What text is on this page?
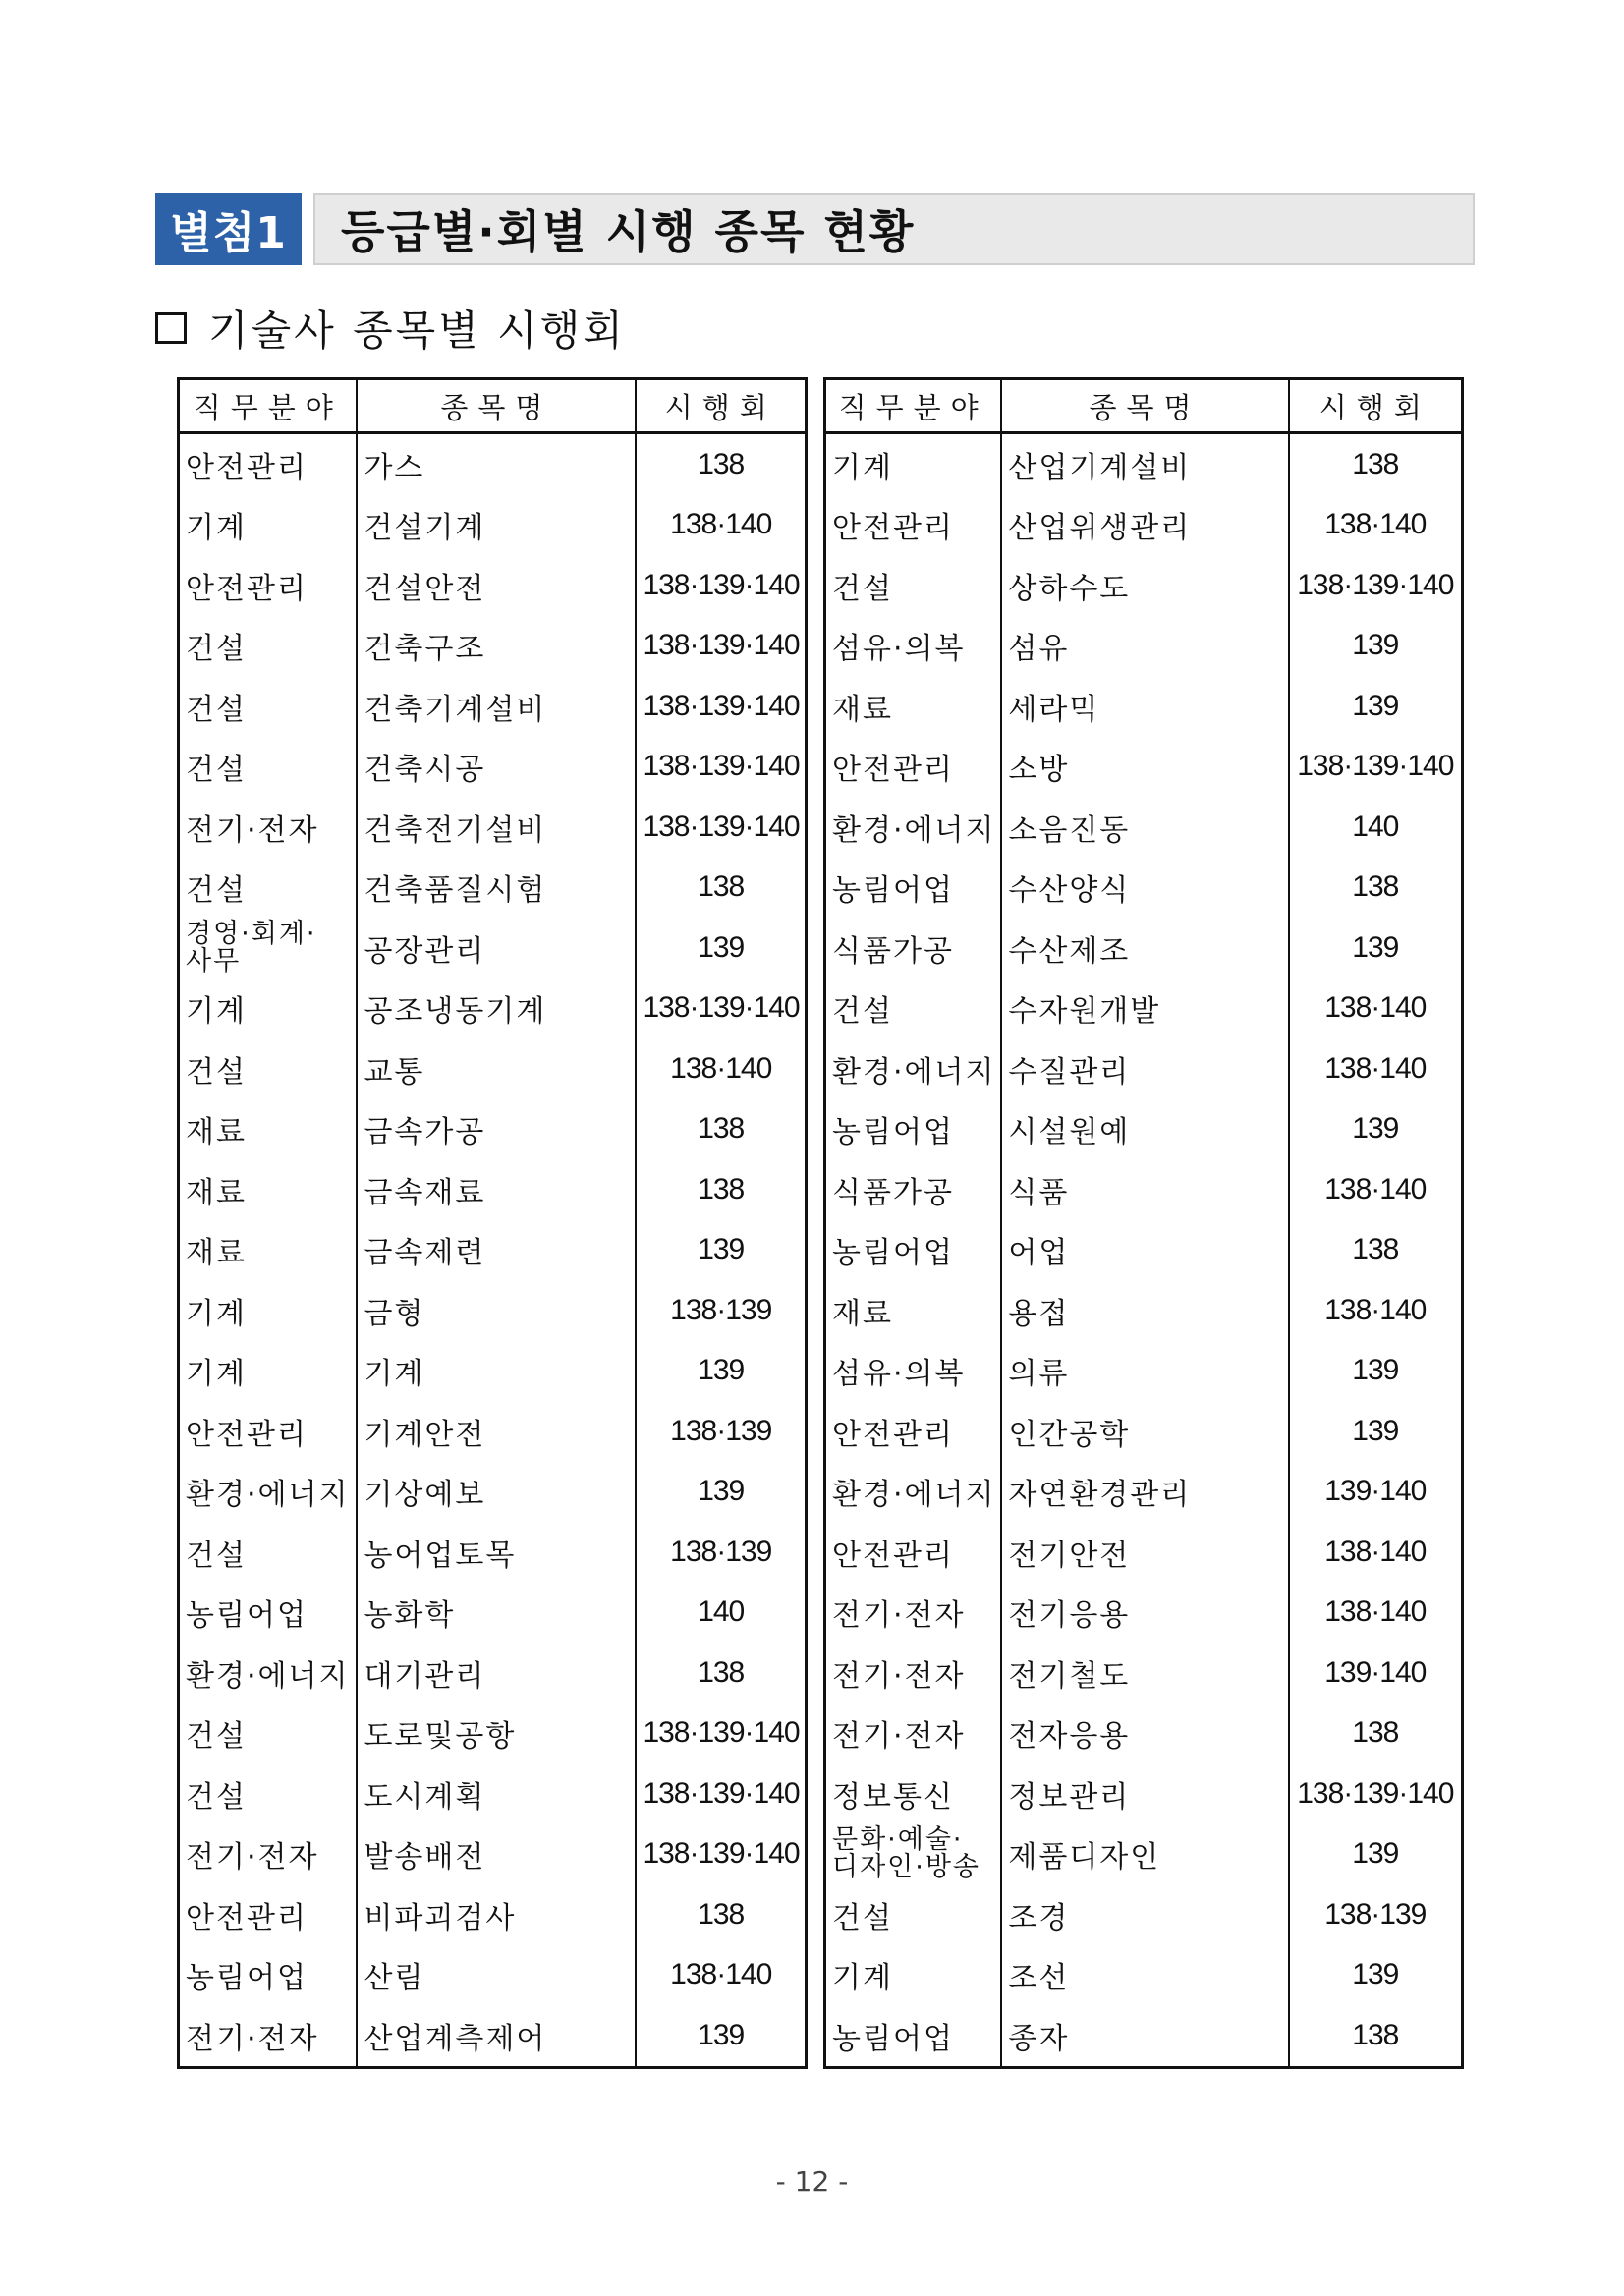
별첨1	등급별·회별 시행 종목 현황
기술사 종목별 시행회
직무분야	종목명	시행회
안전관리	가스	138
기계	건설기계	138·140
안전관리	건설안전	138·139·140
건설	건축구조	138·139·140
건설	건축기계설비	138·139·140
건설	건축시공	138·139·140
전기·전자	건축전기설비	138·139·140
건설	건축품질시험	138

경영·회계·
사무	공장관리	139
기계	공조냉동기계	138·139·140
건설	교통	138·140
재료	금속가공	138
재료	금속재료	138
재료	금속제련	139
기계	금형	138·139
기계	기계	139
안전관리	기계안전	138·139
환경·에너지	기상예보	139
건설	농어업토목	138·139
농림어업	농화학	140
환경·에너지	대기관리	138
건설	도로및공항	138·139·140
건설	도시계획	138·139·140
전기·전자	발송배전	138·139·140
안전관리	비파괴검사	138
농림어업	산림	138·140
전기·전자	산업계측제어	139
직무분야	종목명	시행회
기계	산업기계설비	138
안전관리	산업위생관리	138·140
건설	상하수도	138·139·140
섬유·의복	섬유	139
재료	세라믹	139
안전관리	소방	138·139·140
환경·에너지	소음진동	140
농림어업	수산양식	138
식품가공	수산제조	139
건설	수자원개발	138·140
환경·에너지	수질관리	138·140
농림어업	시설원예	139
식품가공	식품	138·140
농림어업	어업	138
재료	용접	138·140
섬유·의복	의류	139
안전관리	인간공학	139
환경·에너지	자연환경관리	139·140
안전관리	전기안전	138·140
전기·전자	전기응용	138·140
전기·전자	전기철도	139·140
전기·전자	전자응용	138
정보통신	정보관리	138·139·140

문화·예술·
디자인·방송	제품디자인	139
건설	조경	138·139
기계	조선	139
농림어업	종자	138
- 12 -
